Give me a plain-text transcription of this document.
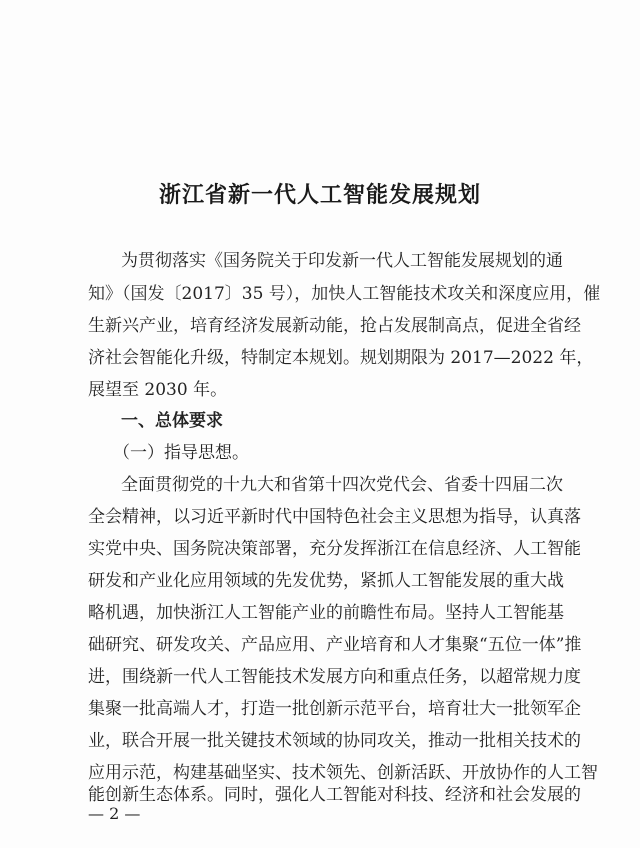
浙江省新一代人工智能发展规划
为贯彻落实《国务院关于印发新一代人工智能发展规划的通
知》（国发〔2017〕35 号），加快人工智能技术攻关和深度应用，催
生新兴产业，培育经济发展新动能，抢占发展制高点，促进全省经
济社会智能化升级，特制定本规划。规划期限为 2017—2022 年，
展望至 2030 年。
一、总体要求
（一）指导思想。
全面贯彻党的十九大和省第十四次党代会、省委十四届二次
全会精神，以习近平新时代中国特色社会主义思想为指导，认真落
实党中央、国务院决策部署，充分发挥浙江在信息经济、人工智能
研发和产业化应用领域的先发优势，紧抓人工智能发展的重大战
略机遇，加快浙江人工智能产业的前瞻性布局。坚持人工智能基
础研究、研发攻关、产品应用、产业培育和人才集聚“五位一体”推
进，围绕新一代人工智能技术发展方向和重点任务，以超常规力度
集聚一批高端人才，打造一批创新示范平台，培育壮大一批领军企
业，联合开展一批关键技术领域的协同攻关，推动一批相关技术的
应用示范，构建基础坚实、技术领先、创新活跃、开放协作的人工智
能创新生态体系。同时，强化人工智能对科技、经济和社会发展的
— 2 —
